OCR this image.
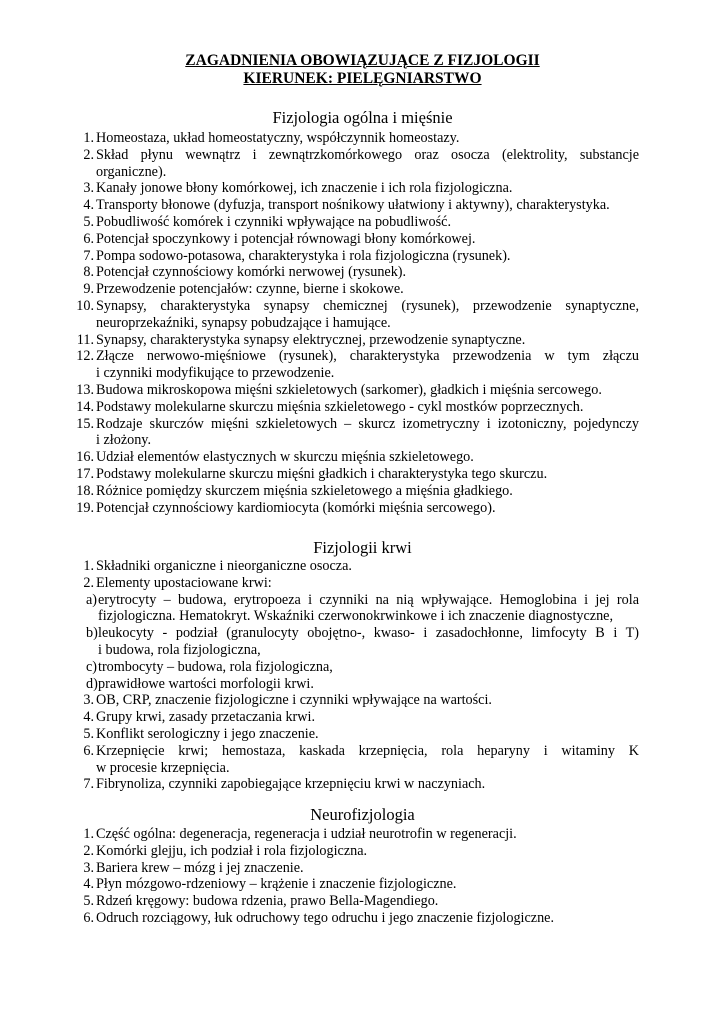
ZAGADNIENIA OBOWIĄZUJĄCE Z FIZJOLOGII
KIERUNEK: PIELĘGNIARSTWO
Fizjologia ogólna i mięśnie
1. Homeostaza, układ homeostatyczny, współczynnik homeostazy.
2. Skład płynu wewnątrz i zewnątrzkomórkowego oraz osocza (elektrolity, substancje
organiczne).
3. Kanały jonowe błony komórkowej, ich znaczenie i ich rola fizjologiczna.
4. Transporty błonowe (dyfuzja, transport nośnikowy ułatwiony i aktywny), charakterystyka.
5. Pobudliwość komórek i czynniki wpływające na pobudliwość.
6. Potencjał spoczynkowy i potencjał równowagi błony komórkowej.
7. Pompa sodowo-potasowa, charakterystyka i rola fizjologiczna (rysunek).
8. Potencjał czynnościowy komórki nerwowej (rysunek).
9. Przewodzenie potencjałów: czynne, bierne i skokowe.
10. Synapsy, charakterystyka synapsy chemicznej (rysunek), przewodzenie synaptyczne,
neuroprzekaźniki, synapsy pobudzające i hamujące.
11. Synapsy, charakterystyka synapsy elektrycznej, przewodzenie synaptyczne.
12. Złącze nerwowo-mięśniowe (rysunek), charakterystyka przewodzenia w tym złączu
i czynniki modyfikujące to przewodzenie.
13. Budowa mikroskopowa mięśni szkieletowych (sarkomer), gładkich i mięśnia sercowego.
14. Podstawy molekularne skurczu mięśnia szkieletowego - cykl mostków poprzecznych.
15. Rodzaje skurczów mięśni szkieletowych – skurcz izometryczny i izotoniczny, pojedynczy
i złożony.
16. Udział elementów elastycznych w skurczu mięśnia szkieletowego.
17. Podstawy molekularne skurczu mięśni gładkich i charakterystyka tego skurczu.
18. Różnice pomiędzy skurczem mięśnia szkieletowego a mięśnia gładkiego.
19. Potencjał czynnościowy kardiomiocyta (komórki mięśnia sercowego).
Fizjologii krwi
1. Składniki organiczne i nieorganiczne osocza.
2. Elementy upostaciowane krwi:
a) erytrocyty – budowa, erytropoeza i czynniki na nią wpływające. Hemoglobina i jej rola
fizjologiczna. Hematokryt. Wskaźniki czerwonokrwinkowe i ich znaczenie diagnostyczne,
b) leukocyty - podział (granulocyty obojętno-, kwaso- i zasadochłonne, limfocyty B i T)
i budowa, rola fizjologiczna,
c) trombocyty – budowa, rola fizjologiczna,
d) prawidłowe wartości morfologii krwi.
3. OB, CRP, znaczenie fizjologiczne i czynniki wpływające na wartości.
4. Grupy krwi, zasady przetaczania krwi.
5. Konflikt serologiczny i jego znaczenie.
6. Krzepnięcie krwi; hemostaza, kaskada krzepnięcia, rola heparyny i witaminy K
w procesie krzepnięcia.
7. Fibrynoliza, czynniki zapobiegające krzepnięciu krwi w naczyniach.
Neurofizjologia
1. Część ogólna: degeneracja, regeneracja i udział neurotrofin w regeneracji.
2. Komórki glejju, ich podział i rola fizjologiczna.
3. Bariera krew – mózg i jej znaczenie.
4. Płyn mózgowo-rdzeniowy – krążenie i znaczenie fizjologiczne.
5. Rdzeń kręgowy: budowa rdzenia, prawo Bella-Magendiego.
6. Odruch rozciągowy, łuk odruchowy tego odruchu i jego znaczenie fizjologiczne.
